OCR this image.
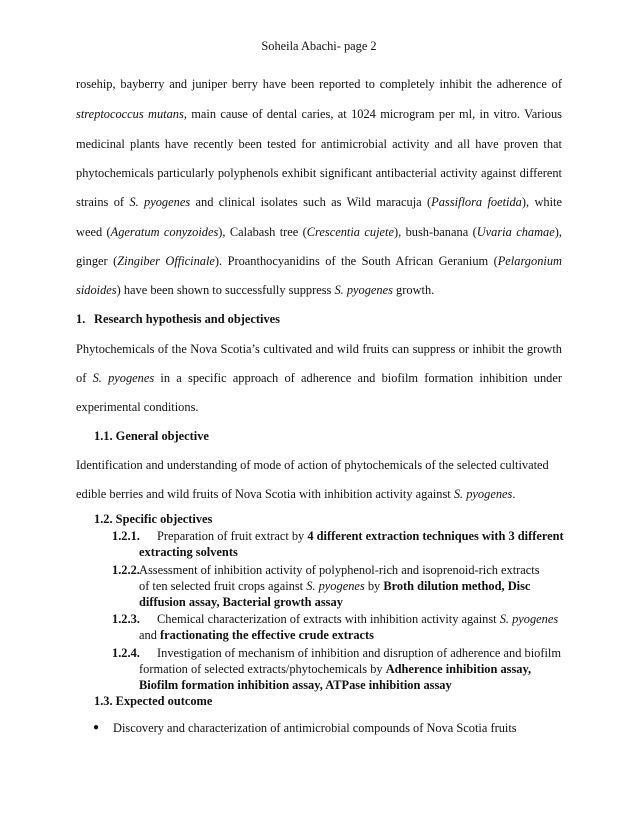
Soheila Abachi- page 2
rosehip, bayberry and juniper berry have been reported to completely inhibit the adherence of
streptococcus mutans, main cause of dental caries, at 1024 microgram per ml, in vitro. Various
medicinal plants have recently been tested for antimicrobial activity and all have proven that
phytochemicals particularly polyphenols exhibit significant antibacterial activity against different
strains of S. pyogenes and clinical isolates such as Wild maracuja (Passiflora foetida), white
weed (Ageratum conyzoides), Calabash tree (Crescentia cujete), bush-banana (Uvaria chamae),
ginger (Zingiber Officinale). Proanthocyanidins of the South African Geranium (Pelargonium
sidoides) have been shown to successfully suppress S. pyogenes growth.
1. Research hypothesis and objectives
Phytochemicals of the Nova Scotia’s cultivated and wild fruits can suppress or inhibit the growth
of S. pyogenes in a specific approach of adherence and biofilm formation inhibition under
experimental conditions.
1.1. General objective
Identification and understanding of mode of action of phytochemicals of the selected cultivated
edible berries and wild fruits of Nova Scotia with inhibition activity against S. pyogenes.
1.2. Specific objectives
1.2.1. Preparation of fruit extract by 4 different extraction techniques with 3 different
extracting solvents
1.2.2.Assessment of inhibition activity of polyphenol-rich and isoprenoid-rich extracts
of ten selected fruit crops against S. pyogenes by Broth dilution method, Disc
diffusion assay, Bacterial growth assay
1.2.3. Chemical characterization of extracts with inhibition activity against S. pyogenes
and fractionating the effective crude extracts
1.2.4. Investigation of mechanism of inhibition and disruption of adherence and biofilm
formation of selected extracts/phytochemicals by Adherence inhibition assay,
Biofilm formation inhibition assay, ATPase inhibition assay
1.3. Expected outcome
● Discovery and characterization of antimicrobial compounds of Nova Scotia fruits
